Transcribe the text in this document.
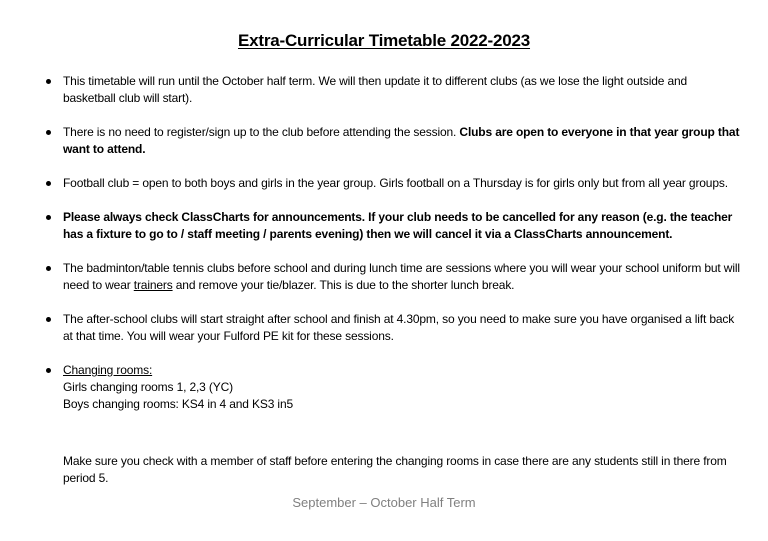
Extra-Curricular Timetable 2022-2023
This timetable will run until the October half term. We will then update it to different clubs (as we lose the light outside and basketball club will start).
There is no need to register/sign up to the club before attending the session. Clubs are open to everyone in that year group that want to attend.
Football club = open to both boys and girls in the year group. Girls football on a Thursday is for girls only but from all year groups.
Please always check ClassCharts for announcements. If your club needs to be cancelled for any reason (e.g. the teacher has a fixture to go to / staff meeting / parents evening) then we will cancel it via a ClassCharts announcement.
The badminton/table tennis clubs before school and during lunch time are sessions where you will wear your school uniform but will need to wear trainers and remove your tie/blazer. This is due to the shorter lunch break.
The after-school clubs will start straight after school and finish at 4.30pm, so you need to make sure you have organised a lift back at that time. You will wear your Fulford PE kit for these sessions.
Changing rooms:
Girls changing rooms 1, 2,3 (YC)
Boys changing rooms: KS4 in 4 and KS3 in5
Make sure you check with a member of staff before entering the changing rooms in case there are any students still in there from period 5.
September – October Half Term
